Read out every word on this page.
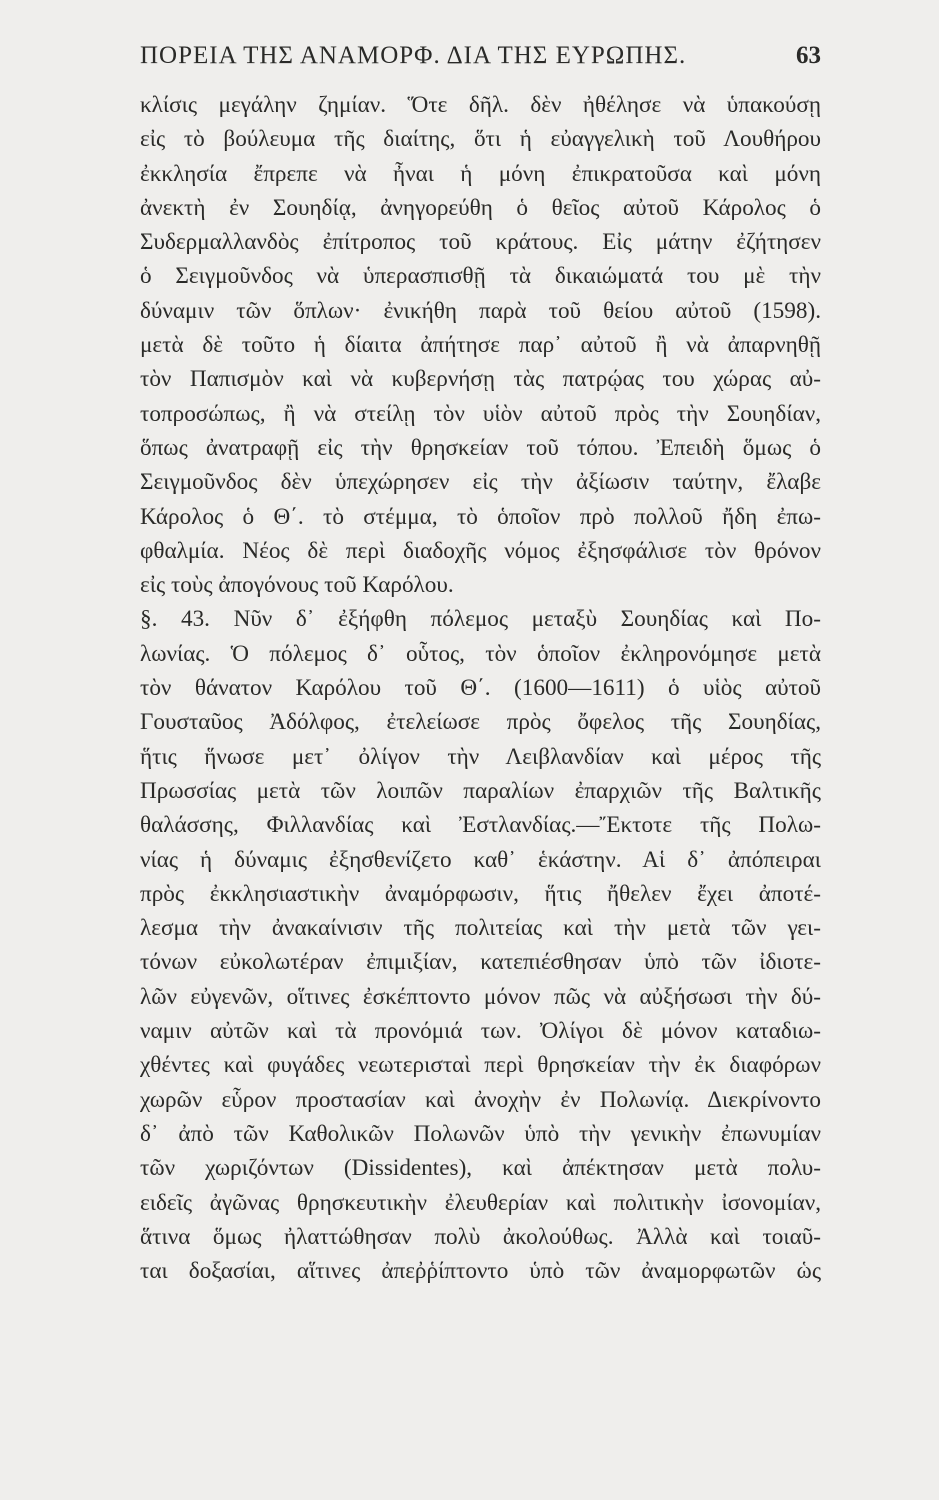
ΠΟΡΕΙΑ ΤΗΣ ΑΝΑΜΟΡΦ. ΔΙΑ ΤΗΣ ΕΥΡΩΠΗΣ.	63
κλίσις μεγάλην ζημίαν. Ὅτε δῆλ. δὲν ἠθέλησε νὰ ὑπακούσῃ
εἰς τὸ βούλευμα τῆς διαίτης, ὅτι ἡ εὐαγγελικὴ τοῦ Λουθήρου
ἐκκλησία ἔπρεπε νὰ ἦναι ἡ μόνη ἐπικρατοῦσα καὶ μόνη
ἀνεκτὴ ἐν Σουηδίᾳ, ἀνηγορεύθη ὁ θεῖος αὐτοῦ Κάρολος ὁ
Συδερμαλλανδὸς ἐπίτροπος τοῦ κράτους. Εἰς μάτην ἐζήτησεν
ὁ Σειγμοῦνδος νὰ ὑπερασπισθῇ τὰ δικαιώματά του μὲ τὴν
δύναμιν τῶν ὅπλων· ἐνικήθη παρὰ τοῦ θείου αὐτοῦ (1598).
μετὰ δὲ τοῦτο ἡ δίαιτα ἀπήτησε παρ᾽ αὐτοῦ ἢ νὰ ἀπαρνηθῇ
τὸν Παπισμὸν καὶ νὰ κυβερνήσῃ τὰς πατρῴας του χώρας αὐ-
τοπροσώπως, ἢ νὰ στείλῃ τὸν υἱὸν αὐτοῦ πρὸς τὴν Σουηδίαν,
ὅπως ἀνατραφῇ εἰς τὴν θρησκείαν τοῦ τόπου. Ἐπειδὴ ὅμως ὁ
Σειγμοῦνδος δὲν ὑπεχώρησεν εἰς τὴν ἀξίωσιν ταύτην, ἔλαβε
Κάρολος ὁ Θ΄. τὸ στέμμα, τὸ ὁποῖον πρὸ πολλοῦ ἤδη ἐπω-
φθαλμία. Νέος δὲ περὶ διαδοχῆς νόμος ἐξησφάλισε τὸν θρόνον
εἰς τοὺς ἀπογόνους τοῦ Καρόλου.
§. 43. Νῦν δ᾽ ἐξήφθη πόλεμος μεταξὺ Σουηδίας καὶ Πο-
λωνίας. Ὁ πόλεμος δ᾽ οὗτος, τὸν ὁποῖον ἐκληρονόμησε μετὰ
τὸν θάνατον Καρόλου τοῦ Θ΄. (1600—1611) ὁ υἱὸς αὐτοῦ
Γουσταῦος Ἀδόλφος, ἐτελείωσε πρὸς ὄφελος τῆς Σουηδίας,
ἥτις ἥνωσε μετ᾽ ὀλίγον τὴν Λειβλανδίαν καὶ μέρος τῆς
Πρωσσίας μετὰ τῶν λοιπῶν παραλίων ἐπαρχιῶν τῆς Βαλτικῆς
θαλάσσης, Φιλλανδίας καὶ Ἐστλανδίας.—Ἔκτοτε τῆς Πολω-
νίας ἡ δύναμις ἐξησθενίζετο καθ᾽ ἑκάστην. Αἱ δ᾽ ἀπόπειραι
πρὸς ἐκκλησιαστικὴν ἀναμόρφωσιν, ἥτις ἤθελεν ἔχει ἀποτέ-
λεσμα τὴν ἀνακαίνισιν τῆς πολιτείας καὶ τὴν μετὰ τῶν γει-
τόνων εὐκολωτέραν ἐπιμιξίαν, κατεπιέσθησαν ὑπὸ τῶν ἰδιοτε-
λῶν εὐγενῶν, οἵτινες ἐσκέπτοντο μόνον πῶς νὰ αὐξήσωσι τὴν δύ-
ναμιν αὐτῶν καὶ τὰ προνόμιά των. Ὀλίγοι δὲ μόνον καταδιω-
χθέντες καὶ φυγάδες νεωτερισταὶ περὶ θρησκείαν τὴν ἐκ διαφόρων
χωρῶν εὗρον προστασίαν καὶ ἀνοχὴν ἐν Πολωνίᾳ. Διεκρίνοντο
δ᾽ ἀπὸ τῶν Καθολικῶν Πολωνῶν ὑπὸ τὴν γενικὴν ἐπωνυμίαν
τῶν χωριζόντων (Dissidentes), καὶ ἀπέκτησαν μετὰ πολυ-
ειδεῖς ἀγῶνας θρησκευτικὴν ἐλευθερίαν καὶ πολιτικὴν ἰσονομίαν,
ἅτινα ὅμως ἠλαττώθησαν πολὺ ἀκολούθως. Ἀλλὰ καὶ τοιαῦ-
ται δοξασίαι, αἵτινες ἀπεῤῥίπτοντο ὑπὸ τῶν ἀναμορφωτῶν ὡς
